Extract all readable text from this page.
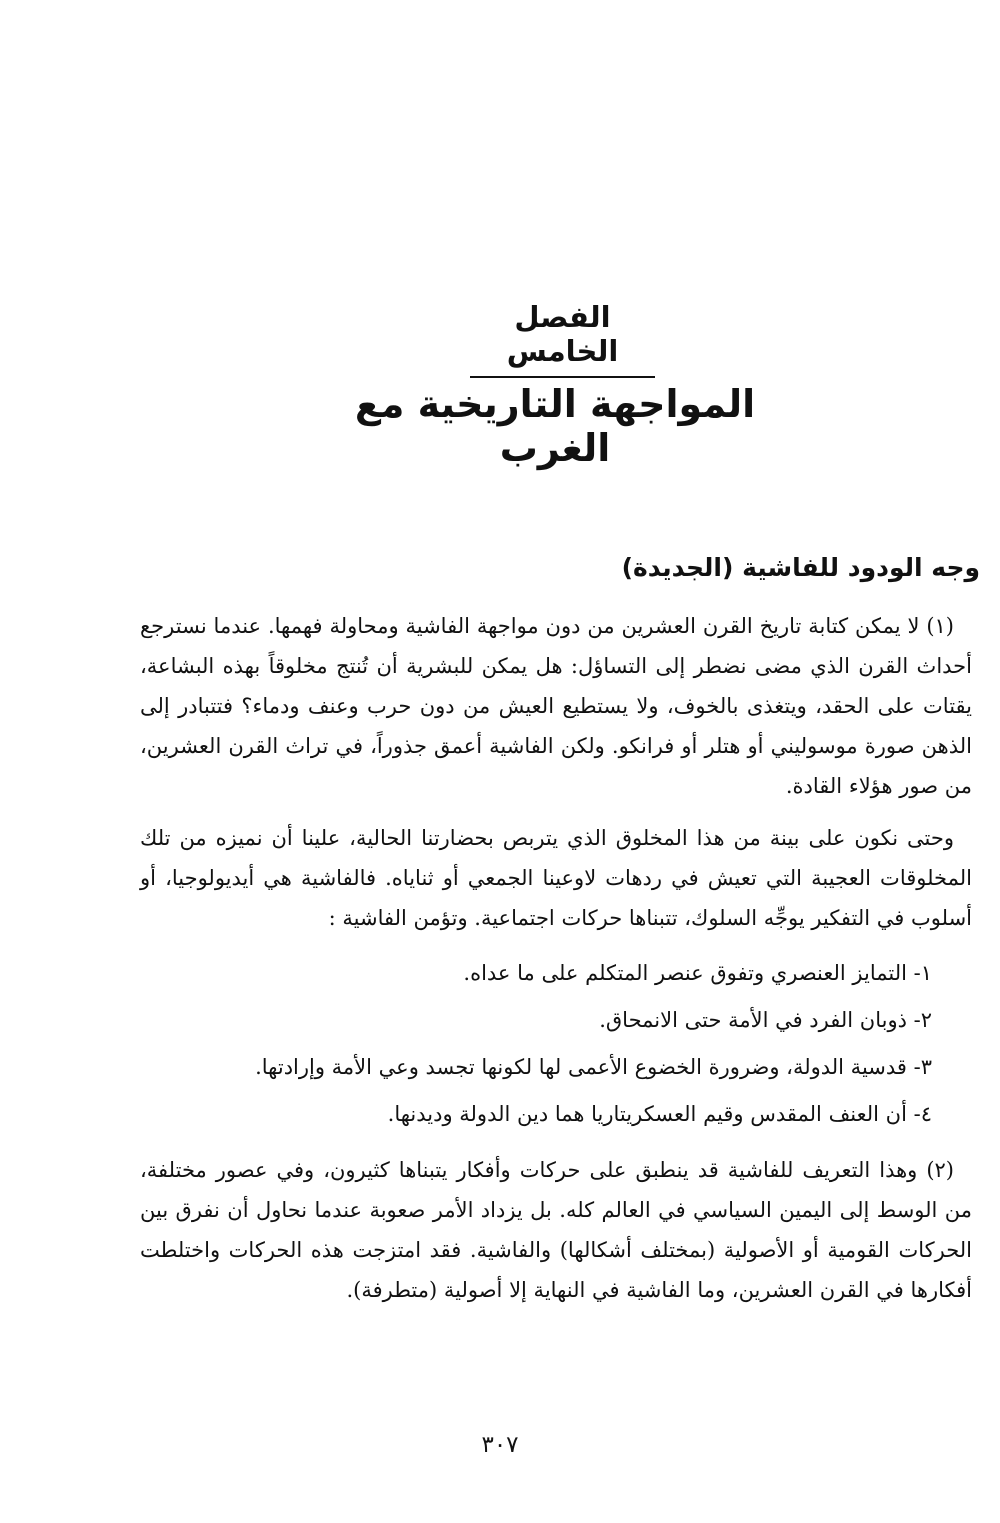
الفصل الخامس
المواجهة التاريخية مع الغرب
وجه الودود للفاشية (الجديدة)

(١) لا يمكن كتابة تاريخ القرن العشرين من دون مواجهة الفاشية ومحاولة فهمها. عندما نسترجع أحداث القرن الذي مضى نضطر إلى التساؤل: هل يمكن للبشرية أن تُنتج مخلوقاً بهذه البشاعة، يقتات على الحقد، ويتغذى بالخوف، ولا يستطيع العيش من دون حرب وعنف ودماء؟ فتتبادر إلى الذهن صورة موسوليني أو هتلر أو فرانكو. ولكن الفاشية أعمق جذوراً، في تراث القرن العشرين، من صور هؤلاء القادة.

وحتى نكون على بينة من هذا المخلوق الذي يتربص بحضارتنا الحالية، علينا أن نميزه من تلك المخلوقات العجيبة التي تعيش في ردهات لاوعينا الجمعي أو ثناياه. فالفاشية هي أيديولوجيا، أو أسلوب في التفكير يوجِّه السلوك، تتبناها حركات اجتماعية. وتؤمن الفاشية :

١- التمايز العنصري وتفوق عنصر المتكلم على ما عداه.
٢- ذوبان الفرد في الأمة حتى الانمحاق.
٣- قدسية الدولة، وضرورة الخضوع الأعمى لها لكونها تجسد وعي الأمة وإرادتها.
٤- أن العنف المقدس وقيم العسكريتاريا هما دين الدولة وديدنها.

(٢) وهذا التعريف للفاشية قد ينطبق على حركات وأفكار يتبناها كثيرون، وفي عصور مختلفة، من الوسط إلى اليمين السياسي في العالم كله. بل يزداد الأمر صعوبة عندما نحاول أن نفرق بين الحركات القومية أو الأصولية (بمختلف أشكالها) والفاشية. فقد امتزجت هذه الحركات واختلطت أفكارها في القرن العشرين، وما الفاشية في النهاية إلا أصولية (متطرفة).

٣٠٧
